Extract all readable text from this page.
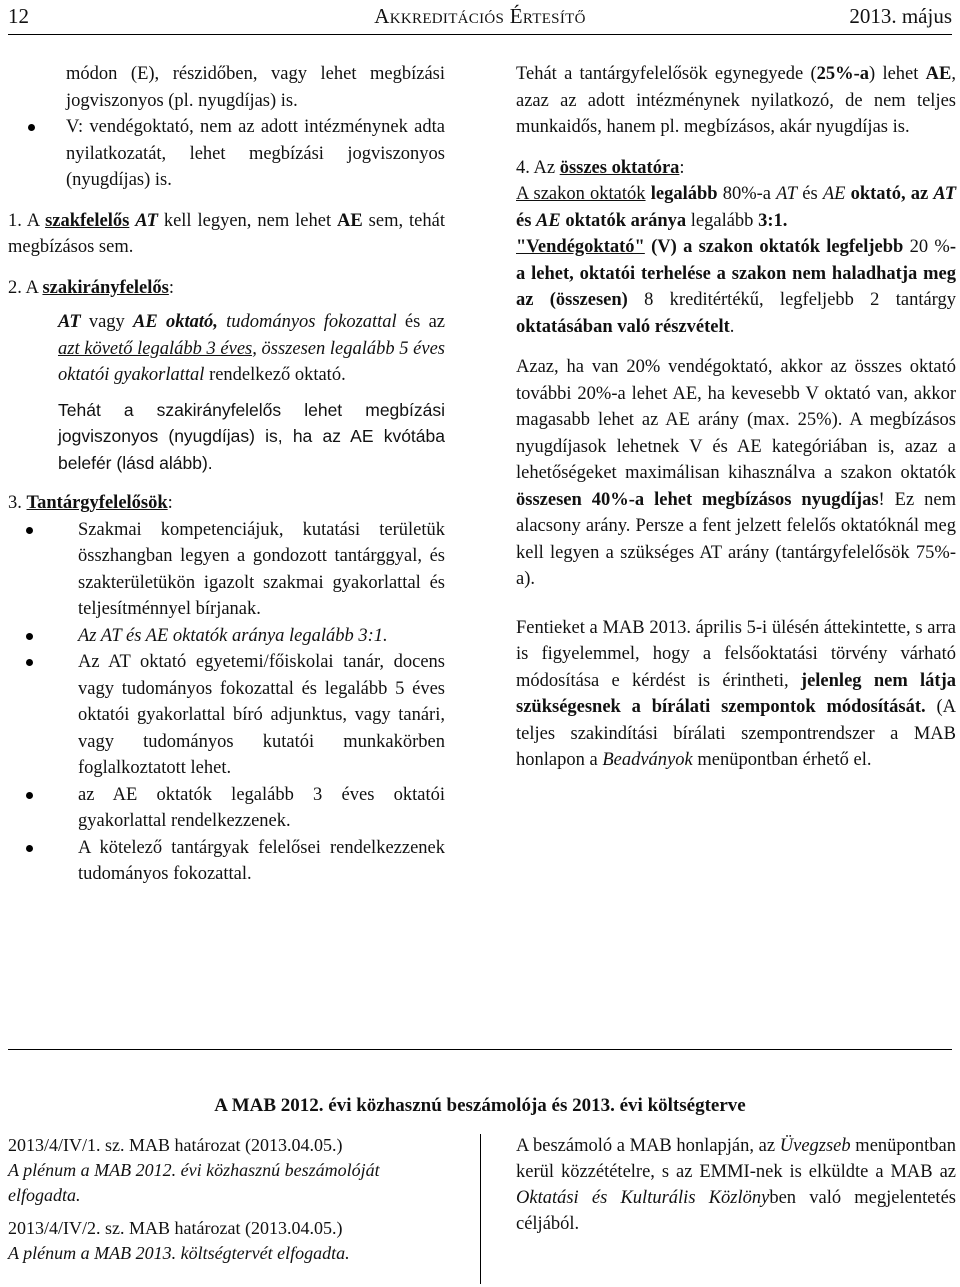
12	Akkreditációs Értesítő	2013. május
módon (E), részidőben, vagy lehet megbízási jogviszonyos (pl. nyugdíjas) is.
V: vendégoktató, nem az adott intézménynek adta nyilatkozatát, lehet megbízási jogviszonyos (nyugdíjas) is.

1. A szakfelelős AT kell legyen, nem lehet AE sem, tehát megbízásos sem.

2. A szakirányfelelős:

AT vagy AE oktató, tudományos fokozattal és az azt követő legalább 3 éves, összesen legalább 5 éves oktatói gyakorlattal rendelkező oktató.

Tehát a szakirányfelelős lehet megbízási jogviszonyos (nyugdíjas) is, ha az AE kvótába belefér (lásd alább).

3. Tantárgyfelelősök:

Szakmai kompetenciájuk, kutatási területük összhangban legyen a gondozott tantárggyal, és szakterületükön igazolt szakmai gyakorlattal és teljesítménnyel bírjanak.
Az AT és AE oktatók aránya legalább 3:1.
Az AT oktató egyetemi/főiskolai tanár, docens vagy tudományos fokozattal és legalább 5 éves oktatói gyakorlattal bíró adjunktus, vagy tanári, vagy tudományos kutatói munkakörben foglalkoztatott lehet.
az AE oktatók legalább 3 éves oktatói gyakorlattal rendelkezzenek.
A kötelező tantárgyak felelősei rendelkezzenek tudományos fokozattal.

Tehát a tantárgyfelelősök egynegyede (25%-a) lehet AE, azaz az adott intézménynek nyilatkozó, de nem teljes munkaidős, hanem pl. megbízásos, akár nyugdíjas is.

4. Az összes oktatóra:

A szakon oktatók legalább 80%-a AT és AE oktató, az AT és AE oktatók aránya legalább 3:1.

"Vendégoktató" (V) a szakon oktatók legfeljebb 20 %- a lehet, oktatói terhelése a szakon nem haladhatja meg az (összesen) 8 kreditértékű, legfeljebb 2 tantárgy oktatásában való részvételt.

Azaz, ha van 20% vendégoktató, akkor az összes oktató további 20%-a lehet AE, ha kevesebb V oktató van, akkor magasabb lehet az AE arány (max. 25%). A megbízásos nyugdíjasok lehetnek V és AE kategóriában is, azaz a lehetőségeket maximálisan kihasználva a szakon oktatók összesen 40%-a lehet megbízásos nyugdíjas! Ez nem alacsony arány. Persze a fent jelzett felelős oktatóknál meg kell legyen a szükséges AT arány (tantárgyfelelősök 75%-a).

Fentieket a MAB 2013. április 5-i ülésén áttekintette, s arra is figyelemmel, hogy a felsőoktatási törvény várható módosítása e kérdést is érintheti, jelenleg nem látja szükségesnek a bírálati szempontok módosítását. (A teljes szakindítási bírálati szempontrendszer a MAB honlapon a Beadványok menüpontban érhető el.

A MAB 2012. évi közhasznú beszámolója és 2013. évi költségterve

2013/4/IV/1. sz. MAB határozat (2013.04.05.)
A plénum a MAB 2012. évi közhasznú beszámolóját elfogadta.

2013/4/IV/2. sz. MAB határozat (2013.04.05.)
A plénum a MAB 2013. költségtervét elfogadta.

A beszámoló a MAB honlapján, az Üvegzseb menüpontban kerül közzétételre, s az EMMI-nek is elküldte a MAB az Oktatási és Kulturális Közlönyben való megjelentetés céljából.
